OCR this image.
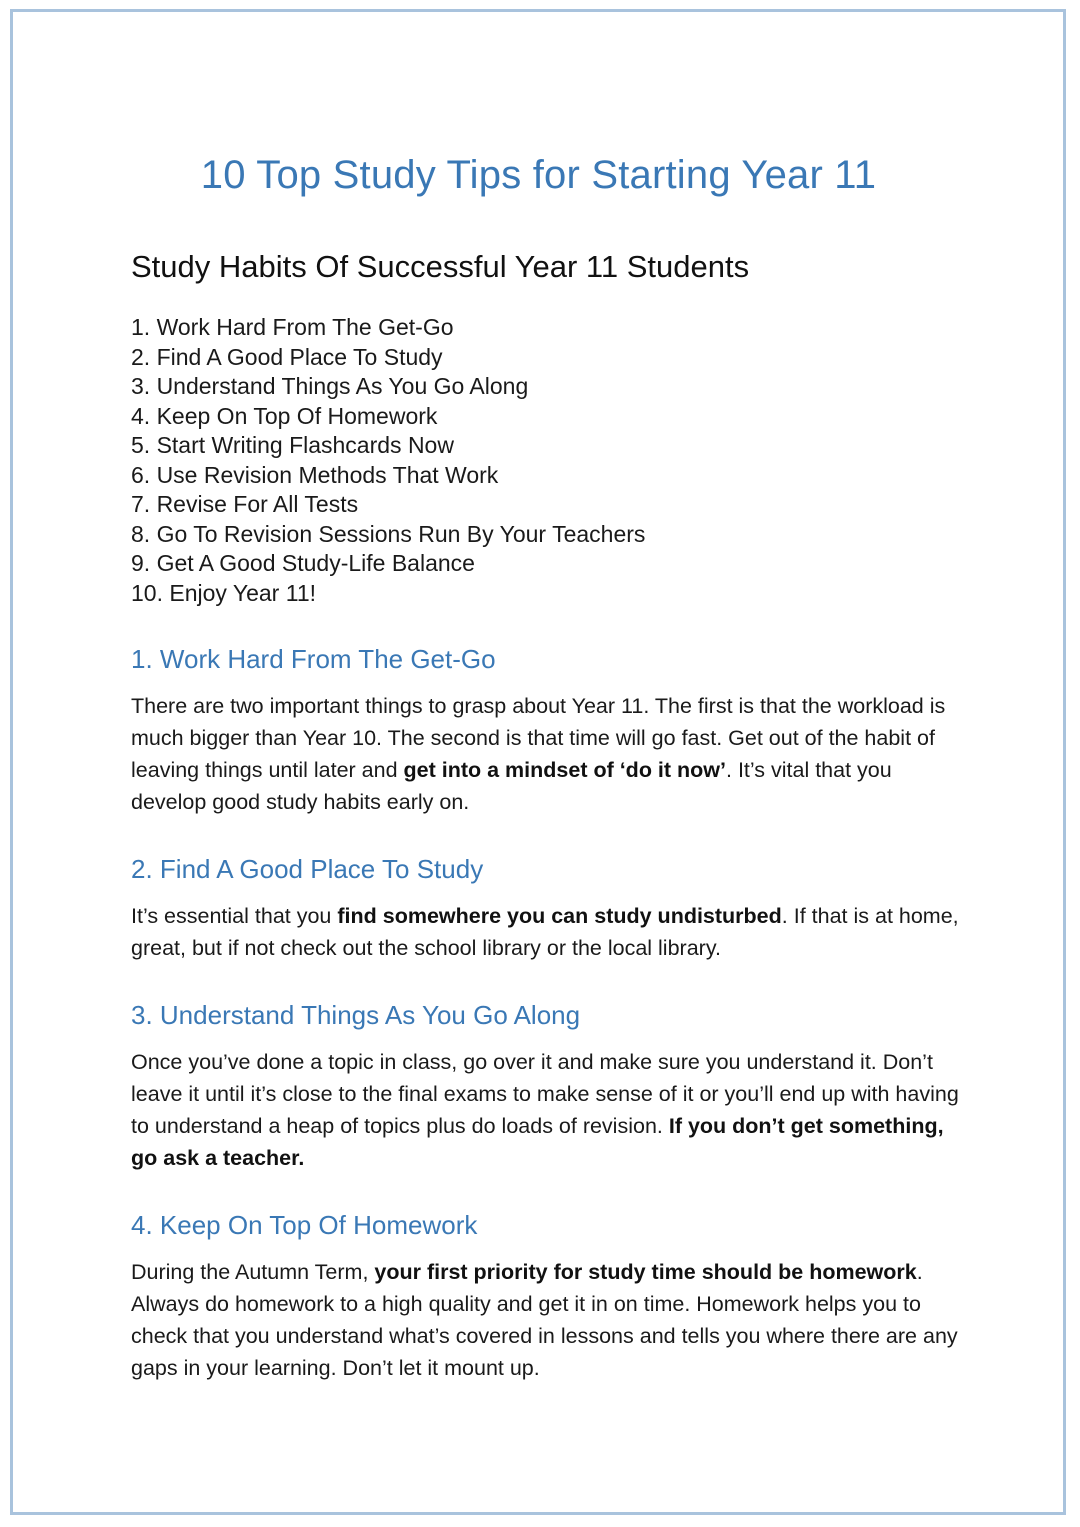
10 Top Study Tips for Starting Year 11
Study Habits Of Successful Year 11 Students
1. Work Hard From The Get-Go
2. Find A Good Place To Study
3. Understand Things As You Go Along
4. Keep On Top Of Homework
5. Start Writing Flashcards Now
6. Use Revision Methods That Work
7. Revise For All Tests
8. Go To Revision Sessions Run By Your Teachers
9. Get A Good Study-Life Balance
10. Enjoy Year 11!
1. Work Hard From The Get-Go

There are two important things to grasp about Year 11. The first is that the workload is much bigger than Year 10. The second is that time will go fast. Get out of the habit of leaving things until later and get into a mindset of ‘do it now’. It’s vital that you develop good study habits early on.

2. Find A Good Place To Study

It’s essential that you find somewhere you can study undisturbed. If that is at home, great, but if not check out the school library or the local library.

3. Understand Things As You Go Along

Once you’ve done a topic in class, go over it and make sure you understand it. Don’t leave it until it’s close to the final exams to make sense of it or you’ll end up with having to understand a heap of topics plus do loads of revision. If you don’t get something, go ask a teacher.

4. Keep On Top Of Homework

During the Autumn Term, your first priority for study time should be homework. Always do homework to a high quality and get it in on time. Homework helps you to check that you understand what’s covered in lessons and tells you where there are any gaps in your learning. Don’t let it mount up.
